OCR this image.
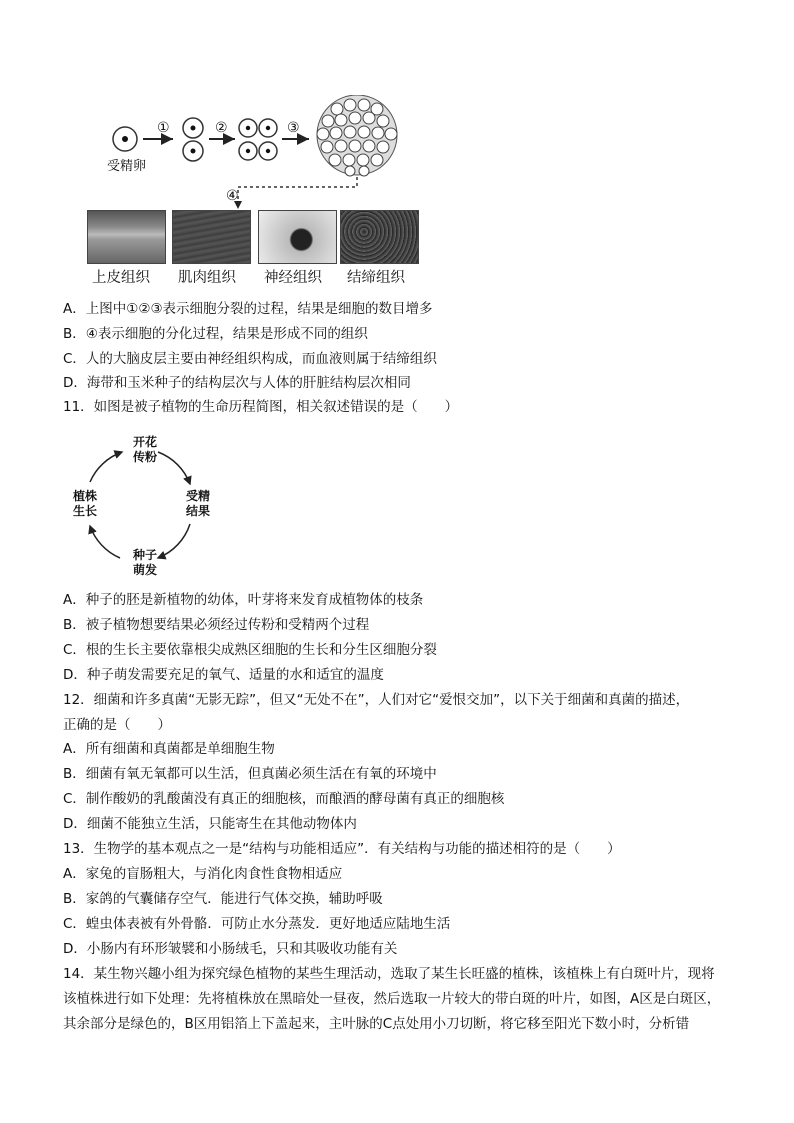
①	②	③
④
受精卵
上皮组织 肌肉组织 神经组织 结缔组织
A．上图中①②③表示细胞分裂的过程，结果是细胞的数目增多
B．④表示细胞的分化过程，结果是形成不同的组织
C．人的大脑皮层主要由神经组织构成，而血液则属于结缔组织
D．海带和玉米种子的结构层次与人体的肝脏结构层次相同
11．如图是被子植物的生命历程简图，相关叙述错误的是（　　）
开花
传粉
受精
结果
种子
萌发
植株
生长
A．种子的胚是新植物的幼体，叶芽将来发育成植物体的枝条
B．被子植物想要结果必须经过传粉和受精两个过程
C．根的生长主要依靠根尖成熟区细胞的生长和分生区细胞分裂
D．种子萌发需要充足的氧气、适量的水和适宜的温度
12．细菌和许多真菌“无影无踪”，但又“无处不在”，人们对它“爱恨交加”，以下关于细菌和真菌的描述，
正确的是（　　）
A．所有细菌和真菌都是单细胞生物
B．细菌有氧无氧都可以生活，但真菌必须生活在有氧的环境中
C．制作酸奶的乳酸菌没有真正的细胞核，而酿酒的酵母菌有真正的细胞核
D．细菌不能独立生活，只能寄生在其他动物体内
13．生物学的基本观点之一是“结构与功能相适应”．有关结构与功能的描述相符的是（　　）
A．家兔的盲肠粗大，与消化肉食性食物相适应
B．家鸽的气囊储存空气．能进行气体交换，辅助呼吸
C．蝗虫体表被有外骨骼．可防止水分蒸发．更好地适应陆地生活
D．小肠内有环形皱襞和小肠绒毛，只和其吸收功能有关
14．某生物兴趣小组为探究绿色植物的某些生理活动，选取了某生长旺盛的植株，该植株上有白斑叶片，现将
该植株进行如下处理：先将植株放在黑暗处一昼夜，然后选取一片较大的带白斑的叶片，如图，A区是白斑区，
其余部分是绿色的，B区用铝箔上下盖起来，主叶脉的C点处用小刀切断，将它移至阳光下数小时，分析错
